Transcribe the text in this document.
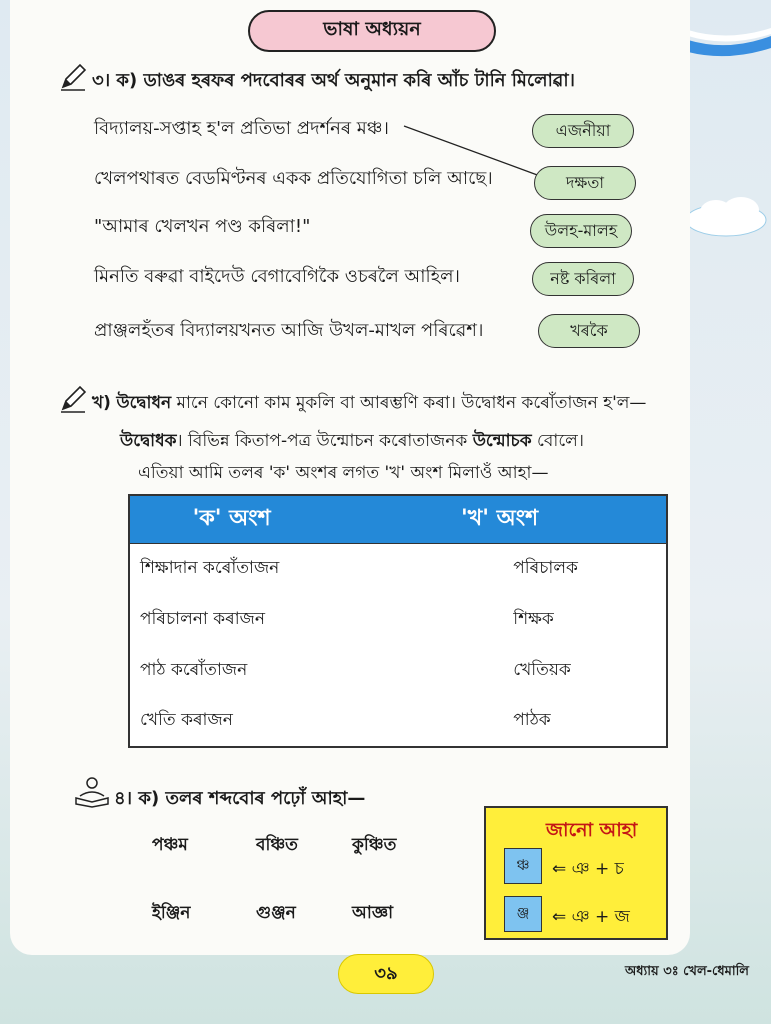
ভাষা অধ্যয়ন
৩। ক) ডাঙৰ হৰফৰ পদবোৰৰ অৰ্থ অনুমান কৰি আঁচ টানি মিলোৱা।
বিদ্যালয়-সপ্তাহ হ'ল প্ৰতিভা প্ৰদৰ্শনৰ মঞ্চ।
খেলপথাৰত বেডমিণ্টনৰ একক প্ৰতিযোগিতা চলি আছে।
"আমাৰ খেলখন পণ্ড কৰিলা!"
মিনতি বৰুৱা বাইদেউ বেগাবেগিকৈ ওচৰলৈ আহিল।
প্ৰাঞ্জলহঁতৰ বিদ্যালয়খনত আজি উখল-মাখল পৰিৱেশ।
এজনীয়া
দক্ষতা
উলহ-মালহ
নষ্ট কৰিলা
খৰকৈ
খ) উদ্বোধন মানে কোনো কাম মুকলি বা আৰম্ভণি কৰা। উদ্বোধন কৰোঁতাজন হ'ল—
উদ্বোধক। বিভিন্ন কিতাপ-পত্ৰ উন্মোচন কৰোতাজনক উন্মোচক বোলে।
এতিয়া আমি তলৰ 'ক' অংশৰ লগত 'খ' অংশ মিলাওঁ আহা—
'ক' অংশ	'খ' অংশ
শিক্ষাদান কৰোঁতাজন	পৰিচালক
পৰিচালনা কৰাজন	শিক্ষক
পাঠ কৰোঁতাজন	খেতিয়ক
খেতি কৰাজন	পাঠক
৪। ক) তলৰ শব্দবোৰ পঢ়োঁ আহা—
পঞ্চম	বঞ্চিত	কুঞ্চিত
ইঞ্জিন	গুঞ্জন	আজ্ঞা
জানো আহা
ঞ্চ	⇐ ঞ + চ
ঞ্জ	⇐ ঞ + জ
৩৯	অধ্যায় ৩ঃ খেল-ধেমালি
